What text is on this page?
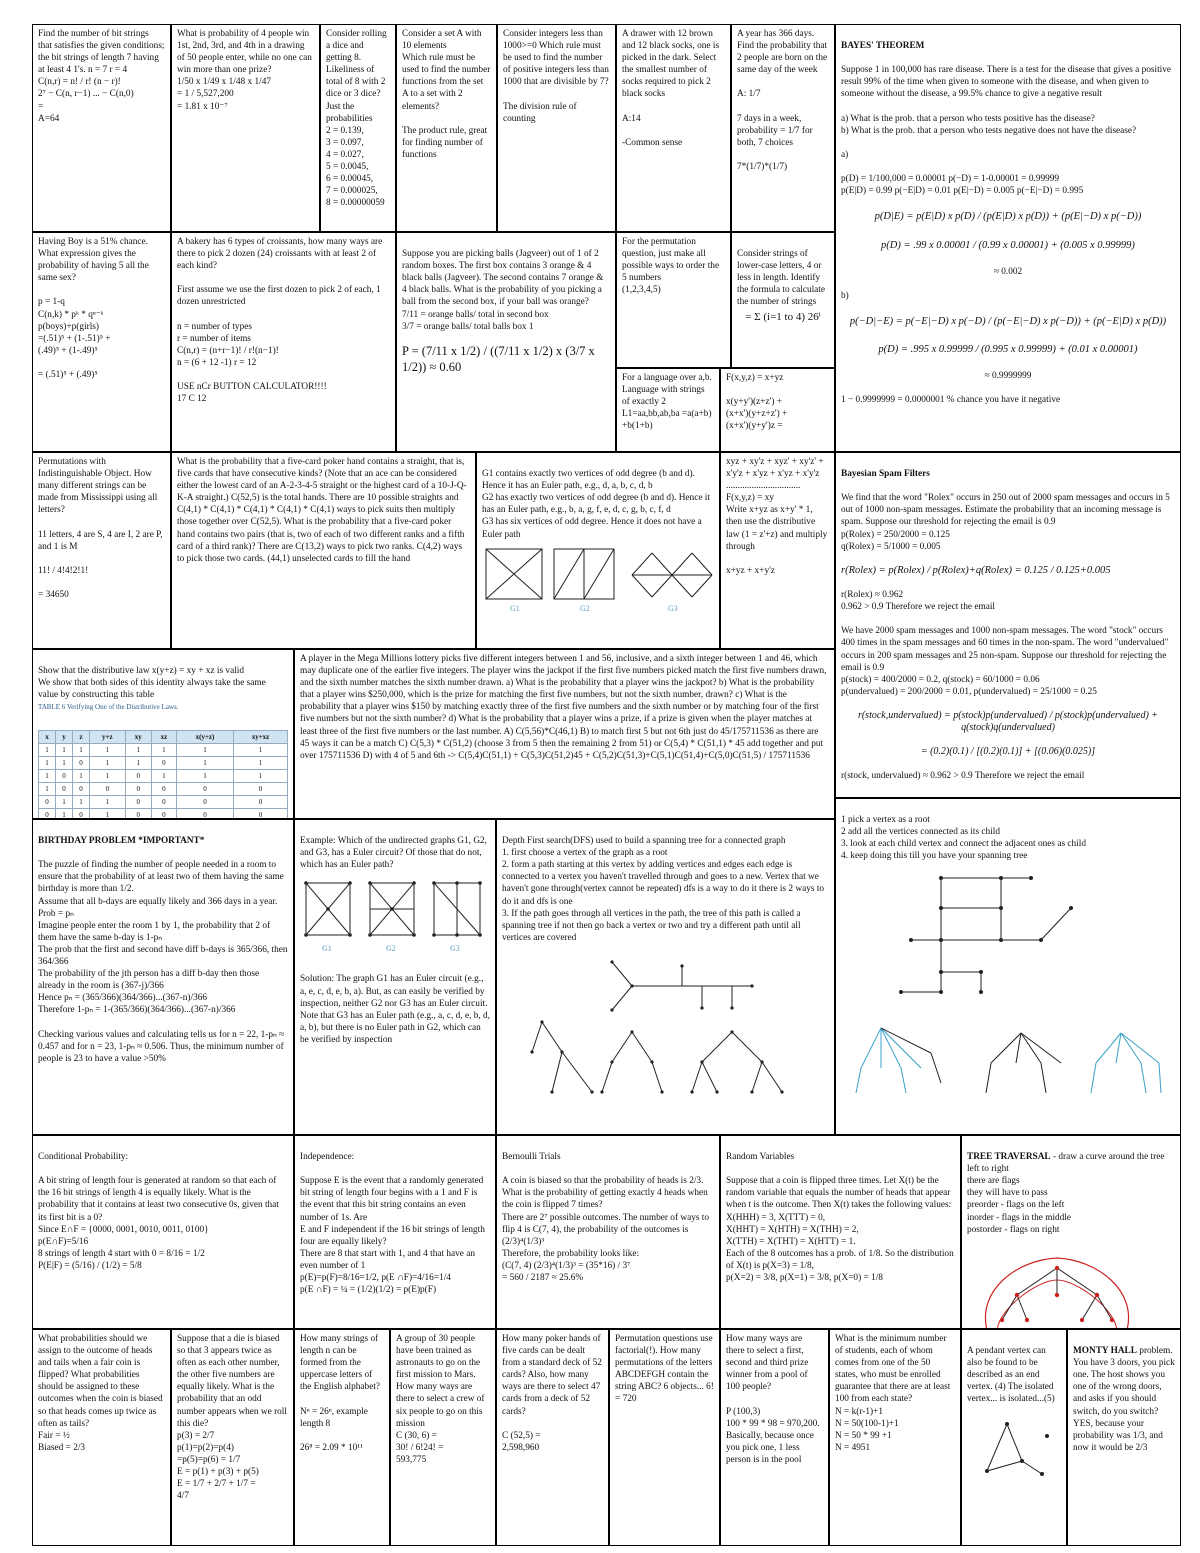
Find the number of bit strings that satisfies the given conditions; the bit strings of length 7 having at least 4 1's. n = 7 r = 4
C(n,r) = n! / r! (n − r)!
2⁷ − C(n, r−1) ... − C(n,0)
=
A=64
What is probability of 4 people win 1st, 2nd, 3rd, and 4th in a drawing of 50 people enter, while no one can win more than one prize?
1/50 x 1/49 x 1/48 x 1/47
= 1 / 5,527,200
= 1.81 x 10⁻⁷
Consider rolling a dice and getting 8. Likeliness of total of 8 with 2 dice or 3 dice?
Just the probabilities
2 = 0.139,
3 = 0.097,
4 = 0.027,
5 = 0.0045,
6 = 0.00045,
7 = 0.000025,
8 = 0.00000059
Consider a set A with 10 elements
Which rule must be used to find the number functions from the set A to a set with 2 elements?

The product rule, great for finding number of functions
Consider integers less than 1000>=0 Which rule must be used to find the number of positive integers less than 1000 that are divisible by 7?

The division rule of counting
A drawer with 12 brown and 12 black socks, one is picked in the dark. Select the smallest number of socks required to pick 2 black socks

A:14

-Common sense
A year has 366 days. Find the probability that 2 people are born on the same day of the week

A: 1/7

7 days in a week, probability = 1/7 for both, 7 choices

7*(1/7)*(1/7)

BAYES' THEOREM

Suppose 1 in 100,000 has rare disease. There is a test for the disease that gives a positive result 99% of the time when given to someone with the disease, and when given to someone without the disease, a 99.5% chance to give a negative result

a) What is the prob. that a person who tests positive has the disease?
b) What is the prob. that a person who tests negative does not have the disease?

a)

p(D) = 1/100,000 = 0.00001 p(−D) = 1-0.00001 = 0.99999
p(E|D) = 0.99 p(−E|D) = 0.01 p(E|−D) = 0.005 p(−E|−D) = 0.995

p(D|E) = p(E|D) x p(D) / (p(E|D) x p(D)) + (p(E|−D) x p(−D))

p(D) = .99 x 0.00001 / (0.99 x 0.00001) + (0.005 x 0.99999)

≈ 0.002

b)

p(−D|−E) = p(−E|−D) x p(−D) / (p(−E|−D) x p(−D)) + (p(−E|D) x p(D))

p(D) = .995 x 0.99999 / (0.995 x 0.99999) + (0.01 x 0.00001)

≈ 0.9999999

1 − 0.9999999 = 0.0000001 % chance you have it negative

Having Boy is a 51% chance. What expression gives the probability of having 5 all the same sex?

p = 1-q
C(n,k) * pᵏ * qⁿ⁻ᵏ
p(boys)+p(girls)
=(.51)⁵ + (1-.51)⁵ +
(.49)⁵ + (1-.49)⁵

= (.51)⁵ + (.49)⁵
A bakery has 6 types of croissants, how many ways are there to pick 2 dozen (24) croissants with at least 2 of each kind?

First assume we use the first dozen to pick 2 of each, 1 dozen unrestricted

n = number of types
r = number of items
C(n,r) = (n+r−1)! / r!(n−1)!
n = (6 + 12 -1) r = 12

USE nCr BUTTON CALCULATOR!!!!
17 C 12

Suppose you are picking balls (Jagveer) out of 1 of 2 random boxes. The first box contains 3 orange & 4 black balls (Jagveer). The second contains 7 orange & 4 black balls. What is the probability of you picking a ball from the second box, if your ball was orange?
7/11 = orange balls/ total in second box
3/7 = orange balls/ total balls box 1

P = (7/11 x 1/2) / ((7/11 x 1/2) x (3/7 x 1/2)) ≈ 0.60

For the permutation question, just make all possible ways to order the 5 numbers
(1,2,3,4,5)

Consider strings of lower-case letters, 4 or less in length. Identify the formula to calculate the number of strings

= Σ (i=1 to 4) 26ⁱ

For a language over a,b. Language with strings of exactly 2 L1=aa,bb,ab,ba =a(a+b) +b(1+b)
F(x,y,z) = x+yz

x(y+y')(z+z') +
(x+x')(y+z+z') +
(x+x')(y+y')z =
Permutations with Indistinguishable Object. How many different strings can be made from Mississippi using all letters?

11 letters, 4 are S, 4 are I, 2 are P, and 1 is M

11! / 4!4!2!1!

= 34650
What is the probability that a five-card poker hand contains a straight, that is, five cards that have consecutive kinds? (Note that an ace can be considered either the lowest card of an A-2-3-4-5 straight or the highest card of a 10-J-Q-K-A straight.) C(52,5) is the total hands. There are 10 possible straights and C(4,1) * C(4,1) * C(4,1) * C(4,1) * C(4,1) ways to pick suits then multiply those together over C(52,5). What is the probability that a five-card poker hand contains two pairs (that is, two of each of two different ranks and a fifth card of a third rank)? There are C(13,2) ways to pick two ranks. C(4,2) ways to pick those two cards. (44,1) unselected cards to fill the hand

G1 contains exactly two vertices of odd degree (b and d). Hence it has an Euler path, e.g., d, a, b, c, d, b
G2 has exactly two vertices of odd degree (b and d). Hence it has an Euler path, e.g., b, a, g, f, e, d, c, g, b, c, f, d
G3 has six vertices of odd degree. Hence it does not have a Euler path

G1	G2	G3

xyz + xy'z + xyz' + xy'z' + x'y'z + x'yz + x'yz + x'y'z
................................
F(x,y,z) = xy
Write x+yz as x+y' * 1, then use the distributive law (1 = z'+z) and multiply through

x+yz + x+y'z

Bayesian Spam Filters

We find that the word "Rolex" occurs in 250 out of 2000 spam messages and occurs in 5 out of 1000 non-spam messages. Estimate the probability that an incoming message is spam. Suppose our threshold for rejecting the email is 0.9
p(Rolex) = 250/2000 = 0.125
q(Rolex) = 5/1000 = 0.005

r(Rolex) = p(Rolex) / p(Rolex)+q(Rolex) = 0.125 / 0.125+0.005

r(Rolex) ≈ 0.962
0.962 > 0.9 Therefore we reject the email

We have 2000 spam messages and 1000 non-spam messages. The word "stock" occurs 400 times in the spam messages and 60 times in the non-spam. The word "undervalued" occurs in 200 spam messages and 25 non-spam. Suppose our threshold for rejecting the email is 0.9
p(stock) = 400/2000 = 0.2, q(stock) = 60/1000 = 0.06
p(undervalued) = 200/2000 = 0.01, p(undervalued) = 25/1000 = 0.25

r(stock,undervalued) = p(stock)p(undervalued) / p(stock)p(undervalued) + q(stock)q(undervalued)

= (0.2)(0.1) / [(0.2)(0.1)] + [(0.06)(0.025)]

r(stock, undervalued) ≈ 0.962 > 0.9 Therefore we reject the email

Show that the distributive law x(y+z) = xy + xz is valid
We show that both sides of this identity always take the same value by constructing this table

TABLE 6 Verifying One of the Distributive Laws.

x	y	z	y+z	xy	xz	x(y+z)	xy+xz
1	1	1	1	1	1	1	1
1	1	0	1	1	0	1	1
1	0	1	1	0	1	1	1
1	0	0	0	0	0	0	0
0	1	1	1	0	0	0	0
0	1	0	1	0	0	0	0

A player in the Mega Millions lottery picks five different integers between 1 and 56, inclusive, and a sixth integer between 1 and 46, which may duplicate one of the earlier five integers. The player wins the jackpot if the first five numbers picked match the first five numbers drawn, and the sixth number matches the sixth number drawn. a) What is the probability that a player wins the jackpot? b) What is the probability that a player wins $250,000, which is the prize for matching the first five numbers, but not the sixth number, drawn? c) What is the probability that a player wins $150 by matching exactly three of the first five numbers and the sixth number or by matching four of the first five numbers but not the sixth number? d) What is the probability that a player wins a prize, if a prize is given when the player matches at least three of the first five numbers or the last number. A) C(5,56)*C(46,1) B) to match first 5 but not 6th just do 45/175711536 as there are 45 ways it can be a match C) C(5,3) * C(51,2) (choose 3 from 5 then the remaining 2 from 51) or C(5,4) * C(51,1) * 45 add together and put over 175711536 D) with 4 of 5 and 6th -> C(5,4)C(51,1) + C(5,3)C(51,2)45 + C(5,2)C(51,3)+C(5,1)C(51,4)+C(5,0)C(51,5) / 175711536

BIRTHDAY PROBLEM *IMPORTANT*

The puzzle of finding the number of people needed in a room to ensure that the probability of at least two of them having the same birthday is more than 1/2.
Assume that all b-days are equally likely and 366 days in a year. Prob = pₙ
Imagine people enter the room 1 by 1, the probability that 2 of them have the same b-day is 1-pₙ
The prob that the first and second have diff b-days is 365/366, then 364/366
The probability of the jth person has a diff b-day then those already in the room is (367-j)/366
Hence pₙ = (365/366)(364/366)...(367-n)/366
Therefore 1-pₙ = 1-(365/366)(364/366)...(367-n)/366

Checking various values and calculating tells us for n = 22, 1-pₙ ≈ 0.457 and for n = 23, 1-pₙ ≈ 0.506. Thus, the minimum number of people is 23 to have a value >50%

Example: Which of the undirected graphs G1, G2, and G3, has a Euler circuit? Of those that do not, which has an Euler path?

G1	G2	G3

Solution: The graph G1 has an Euler circuit (e.g., a, e, c, d, e, b, a). But, as can easily be verified by inspection, neither G2 nor G3 has an Euler circuit. Note that G3 has an Euler path (e.g., a, c, d, e, b, d, a, b), but there is no Euler path in G2, which can be verified by inspection

Depth First search(DFS) used to build a spanning tree for a connected graph
1. first choose a vertex of the graph as a root
2. form a path starting at this vertex by adding vertices and edges each edge is connected to a vertex you haven't travelled through and goes to a new. Vertex that we haven't gone through(vertex cannot be repeated) dfs is a way to do it there is 2 ways to do it and dfs is one
3. If the path goes through all vertices in the path, the tree of this path is called a spanning tree if not then go back a vertex or two and try a different path until all vertices are covered

1 pick a vertex as a root
2 add all the vertices connected as its child
3. look at each child vertex and connect the adjacent ones as child
4. keep doing this till you have your spanning tree

Conditional Probability:

A bit string of length four is generated at random so that each of the 16 bit strings of length 4 is equally likely. What is the probability that it contains at least two consecutive 0s, given that its first bit is a 0?
Since E∩F = {0000, 0001, 0010, 0011, 0100}
p(E∩F)=5/16
8 strings of length 4 start with 0 = 8/16 = 1/2
P(E|F) = (5/16) / (1/2) = 5/8

Independence:

Suppose E is the event that a randomly generated bit string of length four begins with a 1 and F is the event that this bit string contains an even number of 1s. Are
E and F independent if the 16 bit strings of length four are equally likely?
There are 8 that start with 1, and 4 that have an even number of 1
p(E)=p(F)=8/16=1/2, p(E ∩F)=4/16=1/4
p(E ∩F) = ¼ = (1/2)(1/2) = p(E)p(F)

Bernoulli Trials

A coin is biased so that the probability of heads is 2/3. What is the probability of getting exactly 4 heads when the coin is flipped 7 times?
There are 2⁷ possible outcomes. The number of ways to flip 4 is C(7, 4), the probability of the outcomes is (2/3)⁴(1/3)³
Therefore, the probability looks like:
(C(7, 4) (2/3)⁴(1/3)³ = (35*16) / 3⁷
= 560 / 2187 ≈ 25.6%

Random Variables

Suppose that a coin is flipped three times. Let X(t) be the random variable that equals the number of heads that appear when t is the outcome. Then X(t) takes the following values:
X(HHH) = 3, X(TTT) = 0,
X(HHT) = X(HTH) = X(THH) = 2,
X(TTH) = X(THT) = X(HTT) = 1.
Each of the 8 outcomes has a prob. of 1/8. So the distribution of X(t) is p(X=3) = 1/8,
p(X=2) = 3/8, p(X=1) = 3/8, p(X=0) = 1/8

TREE TRAVERSAL - draw a curve around the tree left to right
there are flags
they will have to pass
preorder - flags on the left
inorder - flags in the middle
postorder - flags on right

What probabilities should we assign to the outcome of heads and tails when a fair coin is flipped? What probabilities should be assigned to these outcomes when the coin is biased so that heads comes up twice as often as tails?
Fair = ½
Biased = 2/3
Suppose that a die is biased so that 3 appears twice as often as each other number, the other five numbers are equally likely. What is the probability that an odd number appears when we roll this die?
p(3) = 2/7
p(1)=p(2)=p(4)
=p(5)=p(6) = 1/7
E = p(1) + p(3) + p(5)
E = 1/7 + 2/7 + 1/7 =
4/7
How many strings of length n can be formed from the uppercase letters of the English alphabet?

Nⁿ = 26ⁿ, example length 8

26⁸ = 2.09 * 10¹¹
A group of 30 people have been trained as astronauts to go on the first mission to Mars. How many ways are there to select a crew of six people to go on this mission
C (30, 6) =
30! / 6!24! =
593,775
How many poker hands of five cards can be dealt from a standard deck of 52 cards? Also, how many ways are there to select 47 cards from a deck of 52 cards?

C (52,5) =
2,598,960
Permutation questions use factorial(!). How many permutations of the letters ABCDEFGH contain the string ABC? 6 objects... 6! = 720
How many ways are there to select a first, second and third prize winner from a pool of 100 people?

P (100,3)
100 * 99 * 98 = 970,200. Basically, because once you pick one, 1 less person is in the pool
What is the minimum number of students, each of whom comes from one of the 50 states, who must be enrolled guarantee that there are at least 100 from each state?
N = k(r-1)+1
N = 50(100-1)+1
N = 50 * 99 +1
N = 4951

A pendant vertex can also be found to be described as an end vertex. (4) The isolated vertex... is isolated...(5)

MONTY HALL problem. You have 3 doors, you pick one. The host shows you one of the wrong doors, and asks if you should switch, do you switch? YES, because your probability was 1/3, and now it would be 2/3
